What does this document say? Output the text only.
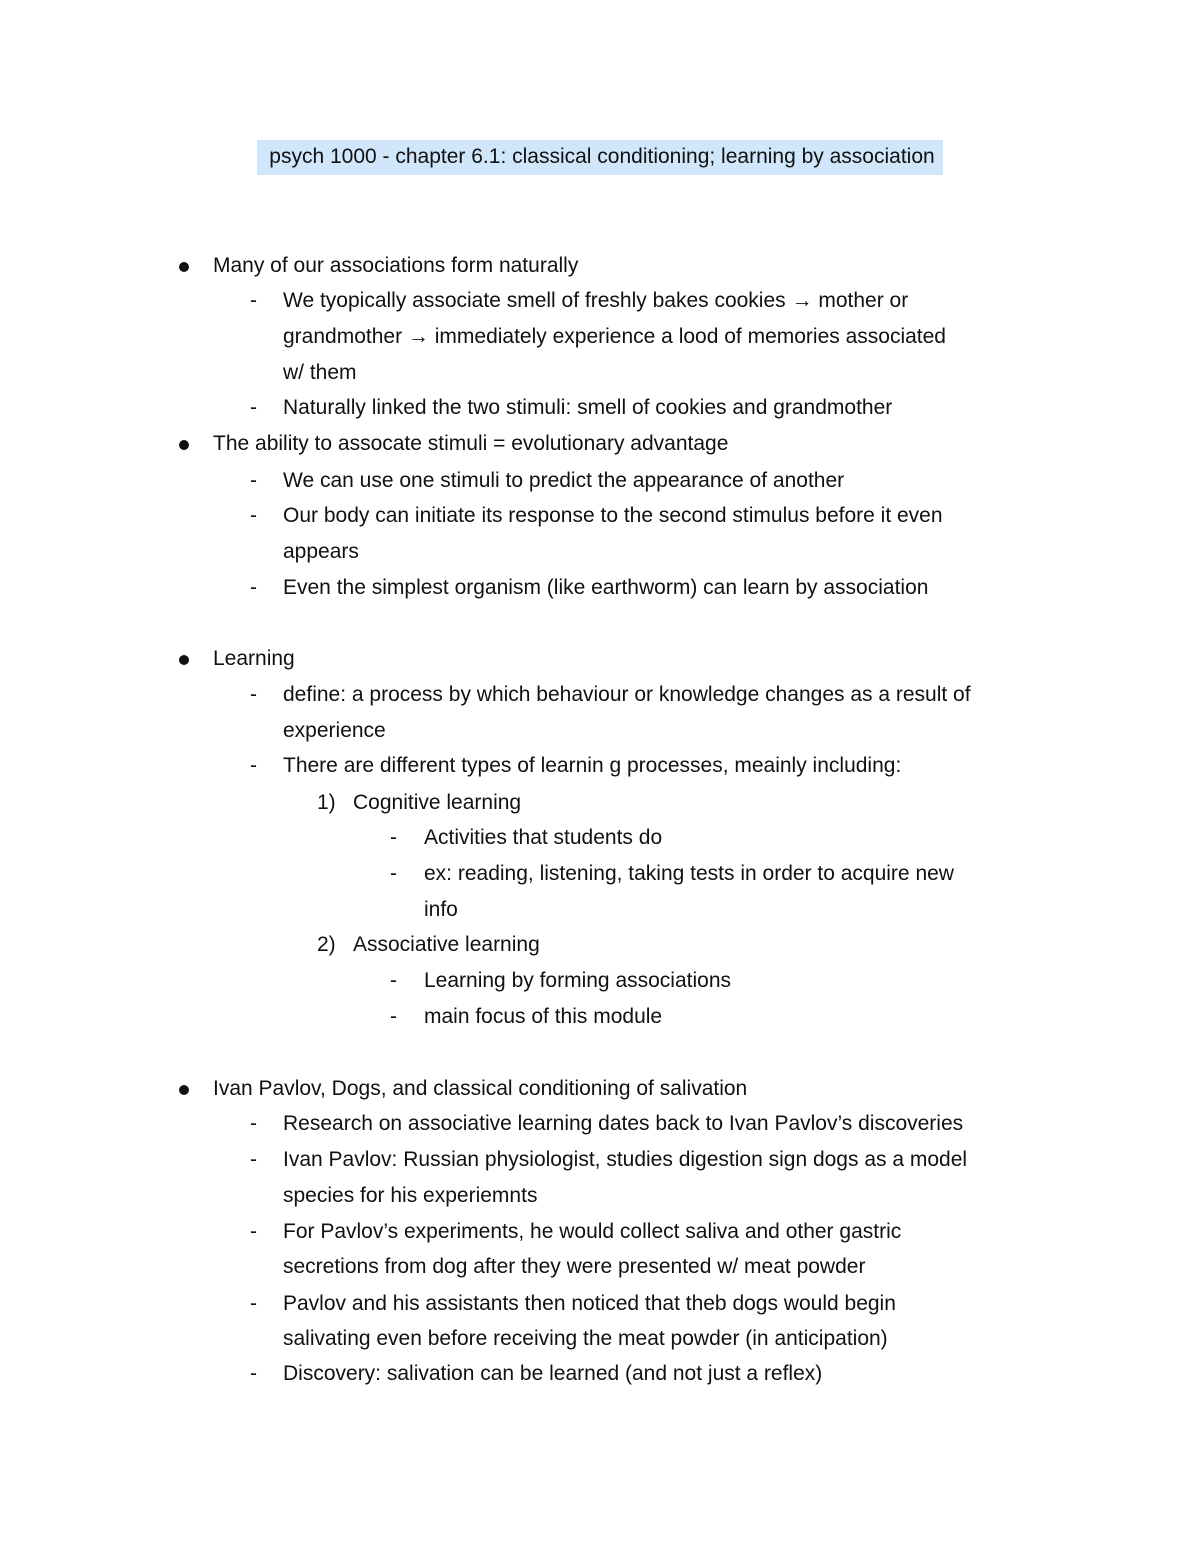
psych 1000 - chapter 6.1: classical conditioning; learning by association
Many of our associations form naturally
- We tyopically associate smell of freshly bakes cookies → mother or
grandmother → immediately experience a lood of memories associated
w/ them
- Naturally linked the two stimuli: smell of cookies and grandmother
The ability to assocate stimuli = evolutionary advantage
- We can use one stimuli to predict the appearance of another
- Our body can initiate its response to the second stimulus before it even
appears
- Even the simplest organism (like earthworm) can learn by association
Learning
- define: a process by which behaviour or knowledge changes as a result of
experience
- There are different types of learnin g processes, meainly including:
1) Cognitive learning
- Activities that students do
- ex: reading, listening, taking tests in order to acquire new
info
2) Associative learning
- Learning by forming associations
- main focus of this module
Ivan Pavlov, Dogs, and classical conditioning of salivation
- Research on associative learning dates back to Ivan Pavlov’s discoveries
- Ivan Pavlov: Russian physiologist, studies digestion sign dogs as a model
species for his experiemnts
- For Pavlov’s experiments, he would collect saliva and other gastric
secretions from dog after they were presented w/ meat powder
- Pavlov and his assistants then noticed that theb dogs would begin
salivating even before receiving the meat powder (in anticipation)
- Discovery: salivation can be learned (and not just a reflex)
